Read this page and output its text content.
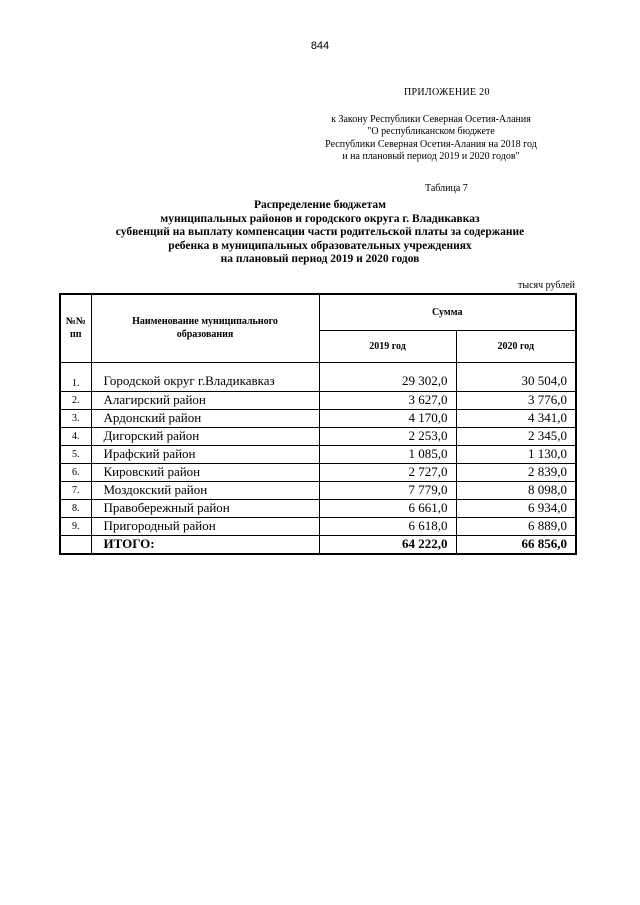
844
ПРИЛОЖЕНИЕ 20
к Закону Республики Северная Осетия-Алания
"О республиканском бюджете
Республики Северная Осетия-Алания на 2018 год
и на плановый период 2019 и 2020 годов"
Таблица 7
Распределение бюджетам
муниципальных районов и городского округа г. Владикавказ
субвенций на выплату компенсации части родительской платы за содержание
ребенка в муниципальных образовательных учреждениях
на плановый период 2019 и 2020 годов
тысяч рублей
№№ пп	Наименование муниципального образования	Сумма	
		2019 год	2020 год
1.	Городской округ г.Владикавказ	29 302,0	30 504,0
2.	Алагирский район	3 627,0	3 776,0
3.	Ардонский район	4 170,0	4 341,0
4.	Дигорский район	2 253,0	2 345,0
5.	Ирафский район	1 085,0	1 130,0
6.	Кировский район	2 727,0	2 839,0
7.	Моздокский район	7 779,0	8 098,0
8.	Правобережный район	6 661,0	6 934,0
9.	Пригородный район	6 618,0	6 889,0
	ИТОГО:	64 222,0	66 856,0
